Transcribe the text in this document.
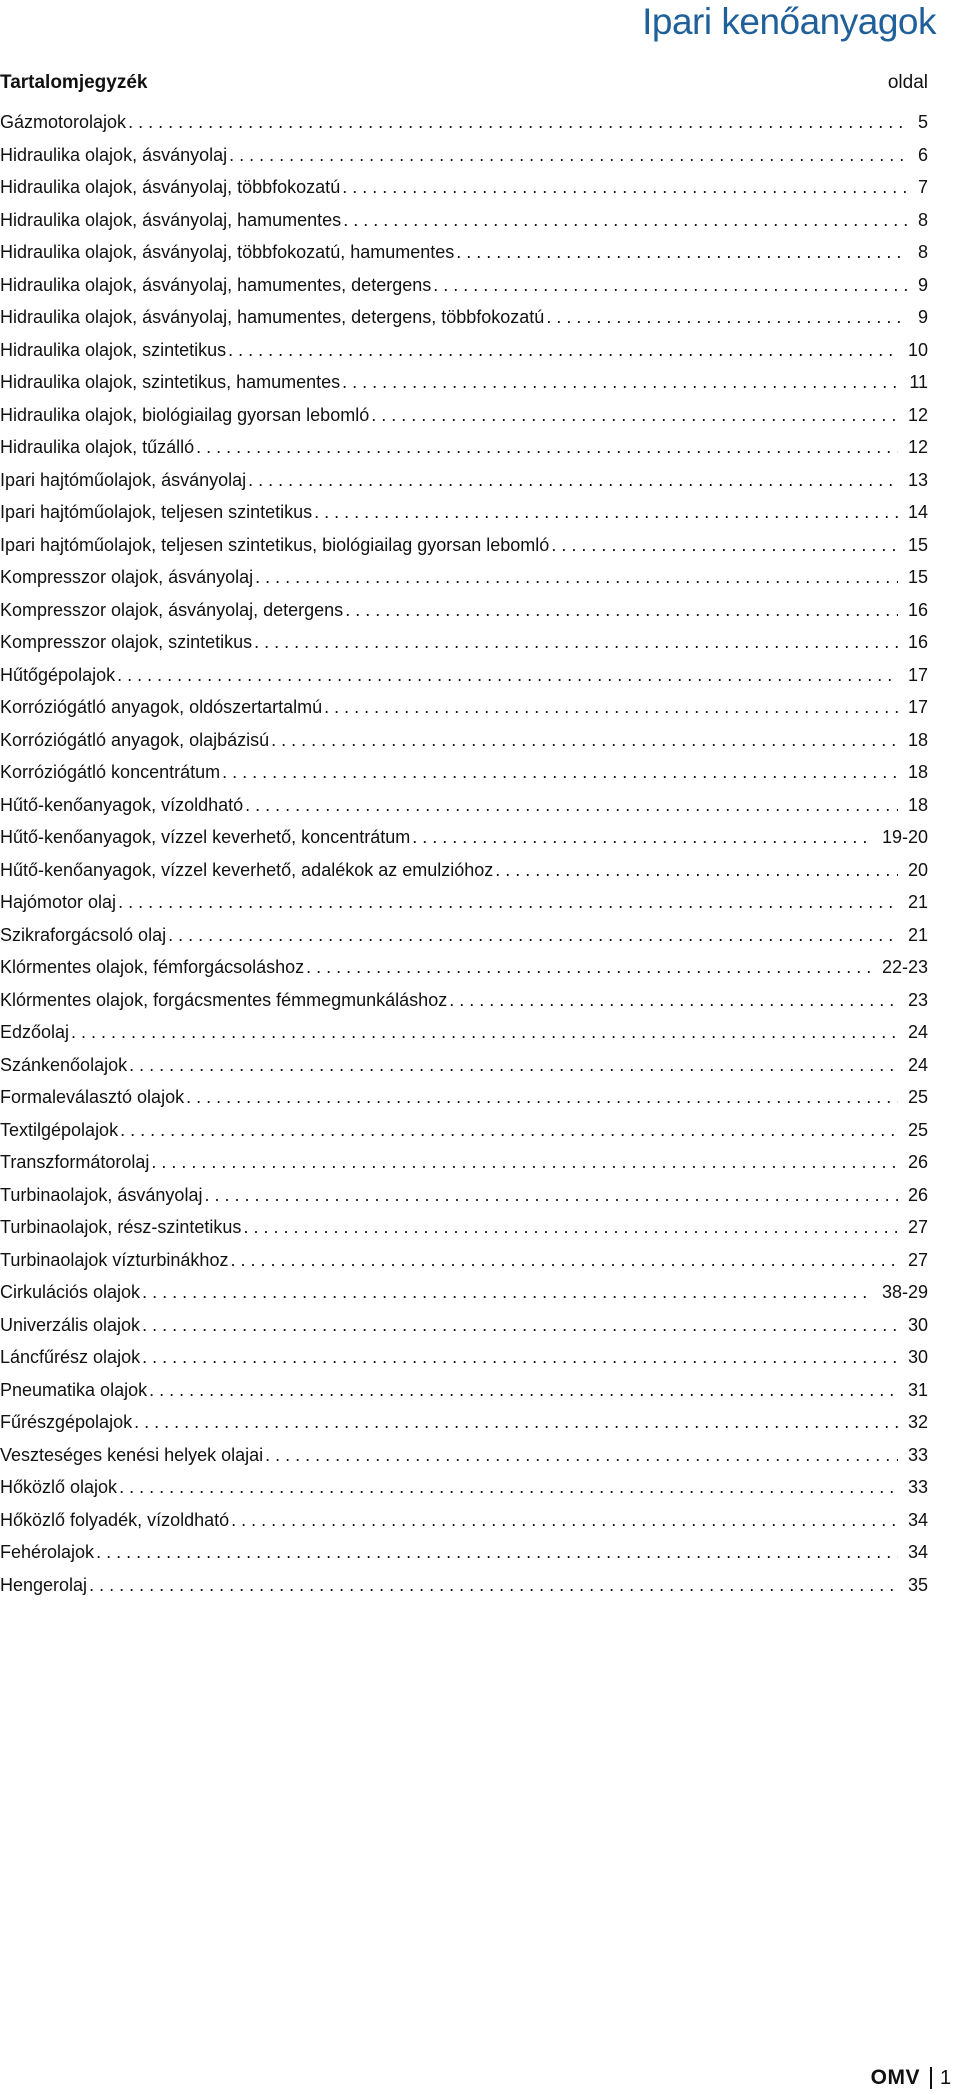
Ipari kenőanyagok
Tartalomjegyzék	oldal
Gázmotorolajok . . .	5
Hidraulika olajok, ásványolaj . . .	6
Hidraulika olajok, ásványolaj, többfokozatú . . .	7
Hidraulika olajok, ásványolaj, hamumentes . . .	8
Hidraulika olajok, ásványolaj, többfokozatú, hamumentes . . .	8
Hidraulika olajok, ásványolaj, hamumentes, detergens . . .	9
Hidraulika olajok, ásványolaj, hamumentes, detergens, többfokozatú . . .	9
Hidraulika olajok, szintetikus . . .	10
Hidraulika olajok, szintetikus, hamumentes . . .	11
Hidraulika olajok, biológiailag gyorsan lebomló . . .	12
Hidraulika olajok, tűzálló . . .	12
Ipari hajtóműolajok, ásványolaj . . .	13
Ipari hajtóműolajok, teljesen szintetikus . . .	14
Ipari hajtóműolajok, teljesen szintetikus, biológiailag gyorsan lebomló . . .	15
Kompresszor olajok, ásványolaj . . .	15
Kompresszor olajok, ásványolaj, detergens . . .	16
Kompresszor olajok, szintetikus . . .	16
Hűtőgépolajok . . .	17
Korróziógátló anyagok, oldószertartalmú . . .	17
Korróziógátló anyagok, olajbázisú . . .	18
Korróziógátló koncentrátum . . .	18
Hűtő-kenőanyagok, vízoldható . . .	18
Hűtő-kenőanyagok, vízzel keverhető, koncentrátum . . .	19-20
Hűtő-kenőanyagok, vízzel keverhető, adalékok az emulzióhoz . . .	20
Hajómotor olaj . . .	21
Szikraforgácsoló olaj . . .	21
Klórmentes olajok, fémforgácsoláshoz . . .	22-23
Klórmentes olajok, forgácsmentes fémmegmunkáláshoz . . .	23
Edzőolaj . . .	24
Szánkenőolajok . . .	24
Formaleválasztó olajok . . .	25
Textilgépolajok . . .	25
Transzformátorolaj . . .	26
Turbinaolajok, ásványolaj . . .	26
Turbinaolajok, rész-szintetikus . . .	27
Turbinaolajok vízturbinákhoz . . .	27
Cirkulációs olajok . . .	38-29
Univerzális olajok . . .	30
Láncfűrész olajok . . .	30
Pneumatika olajok . . .	31
Fűrészgépolajok . . .	32
Veszteséges kenési helyek olajai . . .	33
Hőközlő olajok . . .	33
Hőközlő folyadék, vízoldható . . .	34
Fehérolajok . . .	34
Hengerolaj . . .	35
OMV 1
